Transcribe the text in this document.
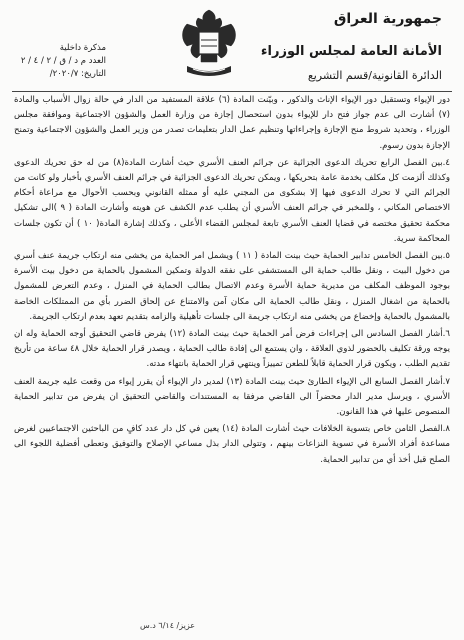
جمهورية العراق
الأمانة العامة لمجلس الوزراء
الدائرة القانونية/قسم التشريع
مذكرة داخلية
العدد م د / ق / ٢ / ٤ / ٢
التاريخ: ٢٠٢٠/٧/

دور الإيواء وتستقبل دور الإيواء الإناث والذكور ، وبيّنت المادة (٦) علاقة المستفيد من الدار في حالة زوال الأسباب والمادة (٧) أشارت الى عدم جواز فتح دار للإيواء بدون استحصال إجازة من وزارة العمل والشؤون الاجتماعية وموافقة مجلس الوزراء ، وتحديد شروط منح الإجازة وإجراءاتها وتنظيم عمل الدار بتعليمات تصدر من وزير العمل والشؤون الاجتماعية وتمنح الإجازة بدون رسوم.

٤.بين الفصل الرابع تحريك الدعوى الجزائية عن جرائم العنف الأسري حيث أشارت المادة(٨) من له حق تحريك الدعوى وكذلك ألزمت كل مكلف بخدمة عامة بتحريكها ، ويمكن تحريك الدعوى الجزائية في جرائم العنف الأسري بأخبار ولو كانت من الجرائم التي لا تحرك الدعوى فيها إلا بشكوى من المجني عليه أو ممثله القانوني وبحسب الأحوال مع مراعاة أحكام الاختصاص المكاني ، وللمخبر في جرائم العنف الأسري أن يطلب عدم الكشف عن هويته وأشارت المادة ( ٩ )الى تشكيل محكمة تحقيق مختصه في قضايا العنف الأسري تابعة لمجلس القضاء الأعلى ، وكذلك إشارة المادة( ١٠ ) أن تكون جلسات المحاكمة سرية.

٥.بين الفصل الخامس تدابير الحماية حيث بينت المادة ( ١١ ) ويشمل امر الحماية من يخشى منه ارتكاب جريمة عنف أسري من دخول البيت ، ونقل طالب حماية الى المستشفى على نفقه الدولة وتمكين المشمول بالحماية من دخول بيت الأسرة بوجود الموظف المكلف من مديرية حماية الأسرة وعدم الاتصال بطالب الحماية في المنزل ، وعدم التعرض للمشمول بالحماية من اشغال المنزل ، ونقل طالب الحماية الى مكان آمن والامتناع عن إلحاق الضرر بأي من الممتلكات الخاصة بالمشمول بالحماية وإخضاع من يخشى منه ارتكاب جريمة الى جلسات تأهيلية والزامه بتقديم تعهد بعدم ارتكاب الجريمة.

٦.أشار الفصل السادس الى إجراءات فرض أمر الحماية حيث بينت المادة (١٢) يفرض قاضي التحقيق أوجه الحماية وله ان يوجه ورقة تكليف بالحضور لذوي العلاقة ، وان يستمع الى إفادة طالب الحماية ، ويصدر قرار الحماية خلال ٤٨ ساعة من تأريخ تقديم الطلب ، ويكون قرار الحماية قابلاً للطعن تمييزاً وينتهي قرار الحماية بانتهاء مدته.

٧.أشار الفصل السابع الى الإيواء الطارئ حيث بينت المادة (١٣) لمدير دار الإيواء أن يقرر إيواء من وقعت عليه جريمة العنف الأسري ، ويرسل مدير الدار محضراً الى القاضي مرفقا به المستندات والقاضي التحقيق ان يفرض من تدابير الحماية المنصوص عليها في هذا القانون.

٨.الفصل الثامن خاص بتسوية الخلافات حيث أشارت المادة (١٤) يعين في كل دار عدد كافٍ من الباحثين الاجتماعيين لغرض مساعدة أفراد الأسرة في تسوية النزاعات بينهم ، وتتولى الدار بذل مساعي الإصلاح والتوفيق وتعطى أفضلية اللجوء الى الصلح قبل أخذ أي من تدابير الحماية.

عزيز/ ٦/١٤ د.س
